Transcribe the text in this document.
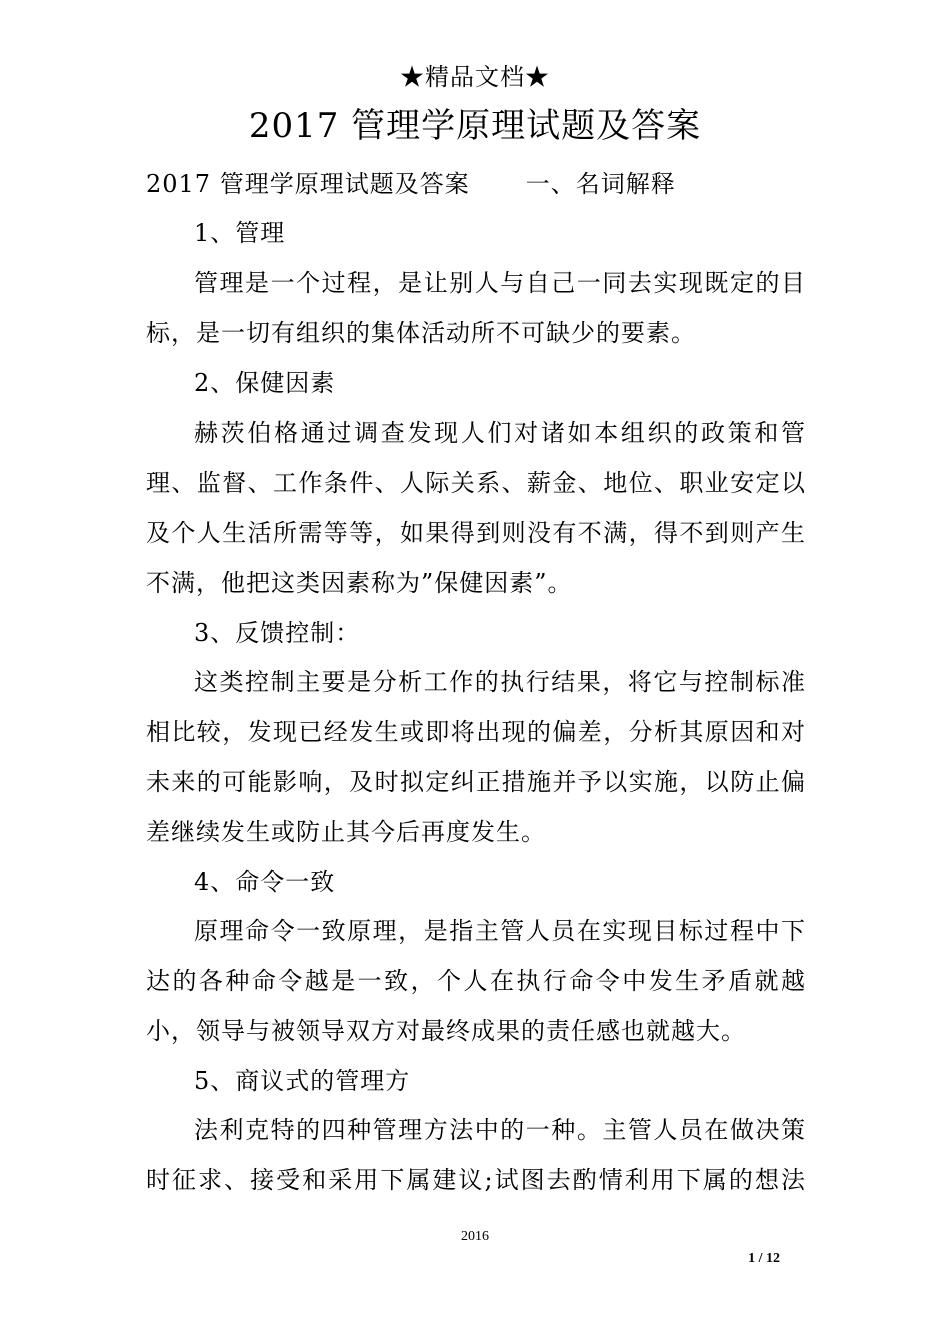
★精品文档★
2017 管理学原理试题及答案
2017 管理学原理试题及答案 一、名词解释
1、管理
管理是一个过程，是让别人与自己一同去实现既定的目
标，是一切有组织的集体活动所不可缺少的要素。
2、保健因素
赫茨伯格通过调查发现人们对诸如本组织的政策和管
理、监督、工作条件、人际关系、薪金、地位、职业安定以
及个人生活所需等等，如果得到则没有不满，得不到则产生
不满，他把这类因素称为”保健因素”。
3、反馈控制：
这类控制主要是分析工作的执行结果，将它与控制标准
相比较，发现已经发生或即将出现的偏差，分析其原因和对
未来的可能影响，及时拟定纠正措施并予以实施，以防止偏
差继续发生或防止其今后再度发生。
4、命令一致
原理命令一致原理，是指主管人员在实现目标过程中下
达的各种命令越是一致，个人在执行命令中发生矛盾就越
小，领导与被领导双方对最终成果的责任感也就越大。
5、商议式的管理方
法利克特的四种管理方法中的一种。主管人员在做决策
时征求、接受和采用下属建议;试图去酌情利用下属的想法
2016
1 / 12
